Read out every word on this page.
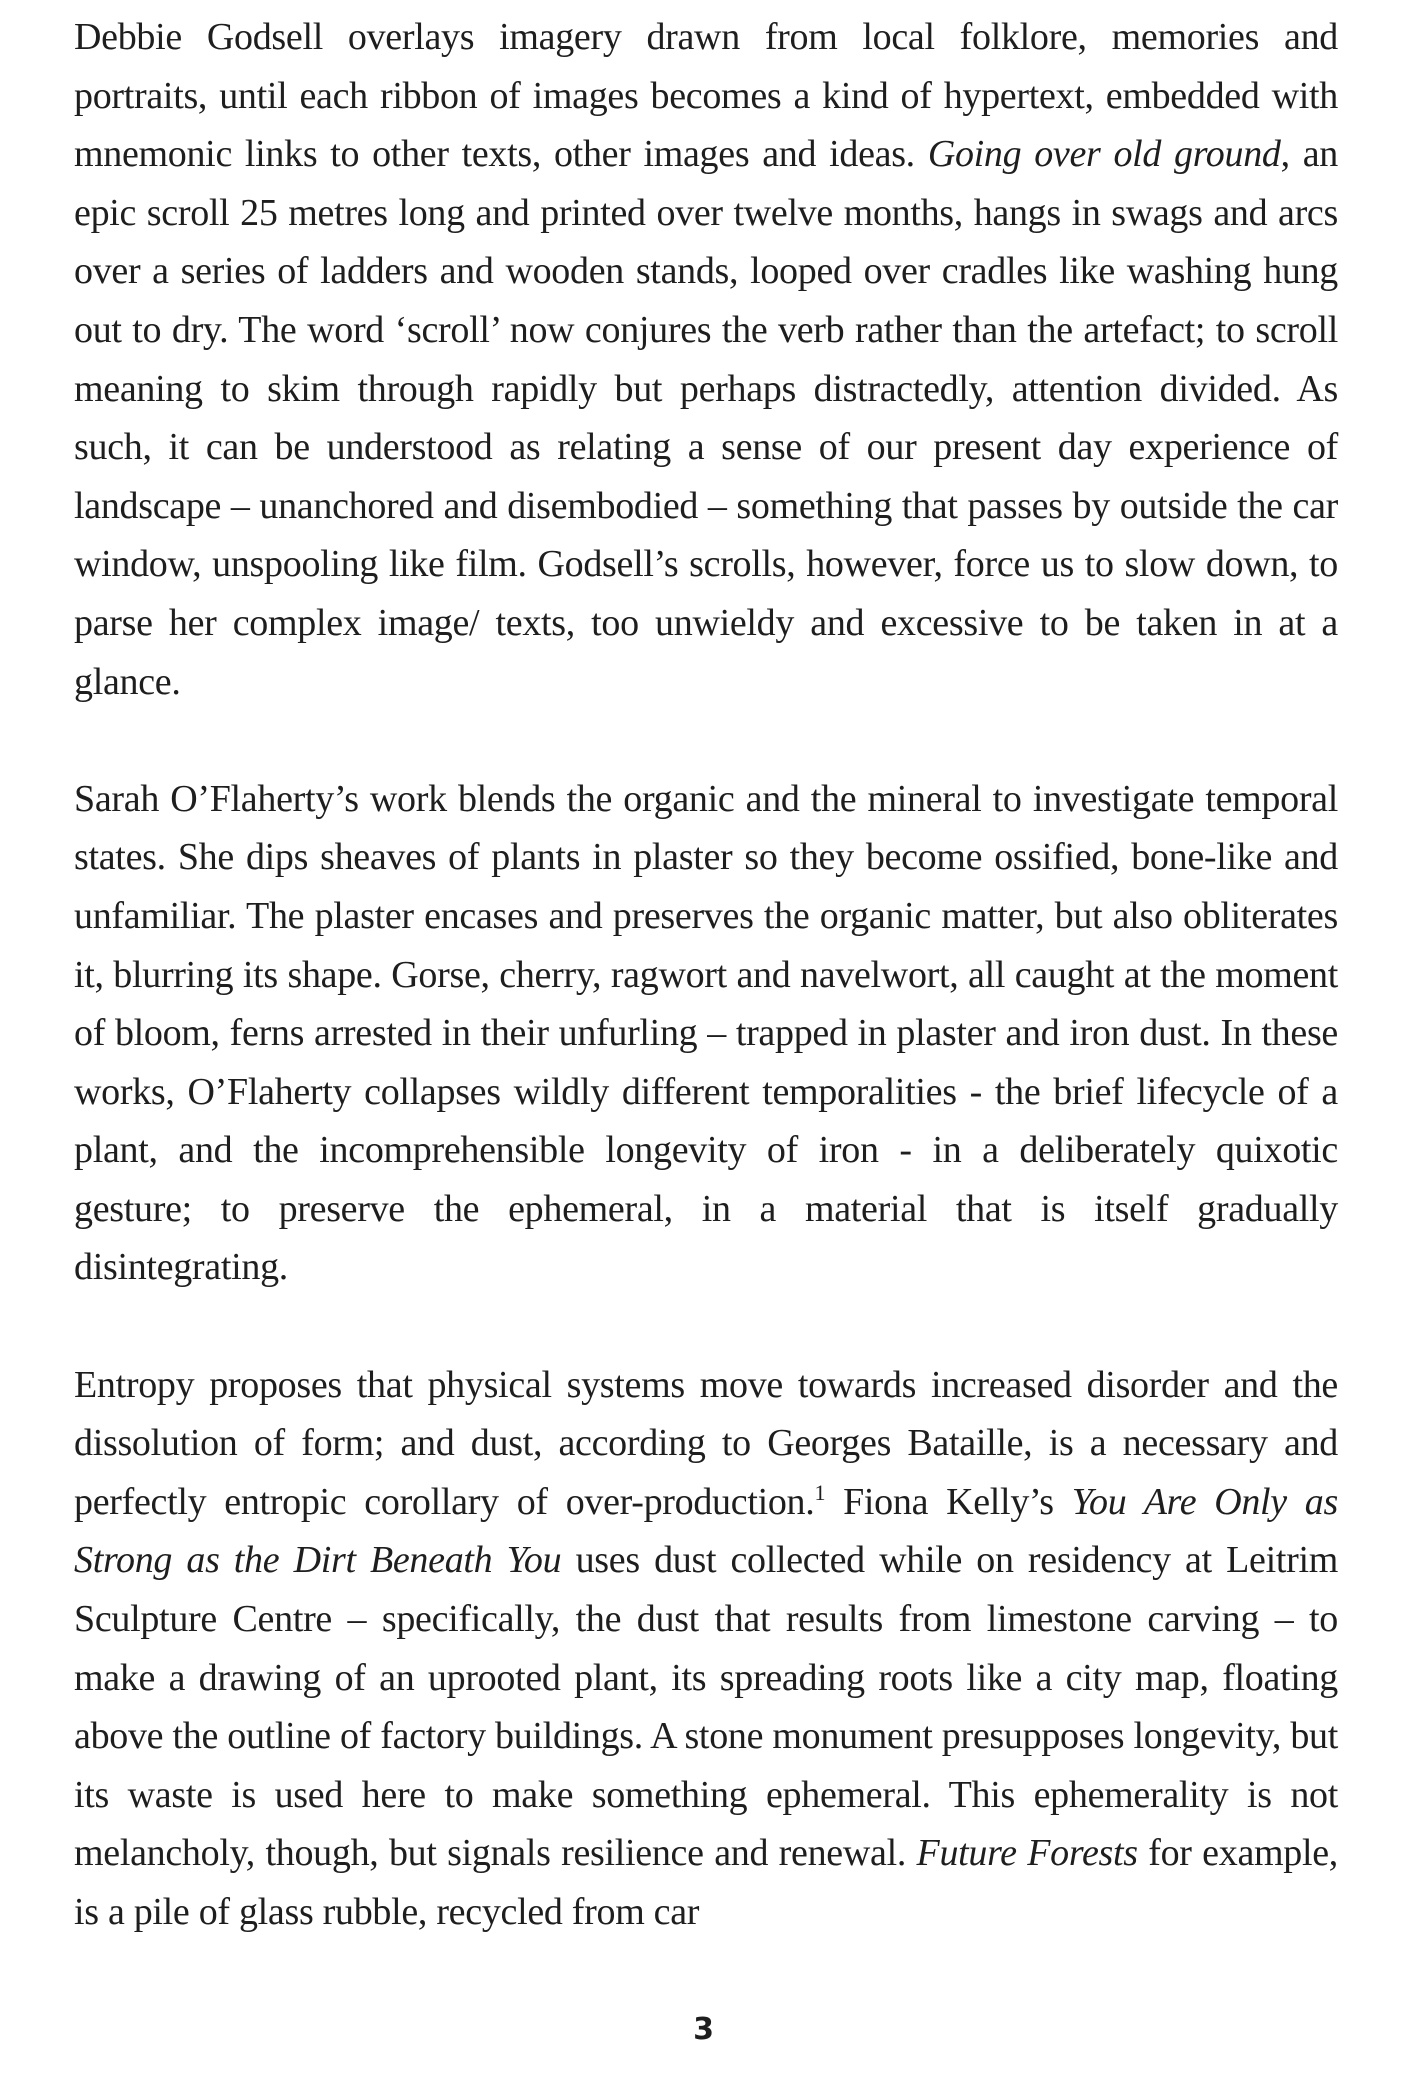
Debbie Godsell overlays imagery drawn from local folklore, memories and portraits, until each ribbon of images becomes a kind of hypertext, embedded with mnemonic links to other texts, other images and ideas. Going over old ground, an epic scroll 25 metres long and printed over twelve months, hangs in swags and arcs over a series of ladders and wooden stands, looped over cradles like washing hung out to dry. The word ‘scroll’ now conjures the verb rather than the artefact; to scroll meaning to skim through rapidly but perhaps distractedly, attention divided. As such, it can be understood as relating a sense of our present day experience of landscape – unanchored and disembodied – something that passes by outside the car window, unspooling like film. Godsell’s scrolls, however, force us to slow down, to parse her complex image/ texts, too unwieldy and excessive to be taken in at a glance.

Sarah O’Flaherty’s work blends the organic and the mineral to investigate temporal states. She dips sheaves of plants in plaster so they become ossified, bone-like and unfamiliar. The plaster encases and preserves the organic matter, but also obliterates it, blurring its shape. Gorse, cherry, ragwort and navelwort, all caught at the moment of bloom, ferns arrested in their unfurling – trapped in plaster and iron dust. In these works, O’Flaherty collapses wildly different temporalities - the brief lifecycle of a plant, and the incomprehensible longevity of iron - in a deliberately quixotic gesture; to preserve the ephemeral, in a material that is itself gradually disintegrating.

Entropy proposes that physical systems move towards increased disorder and the dissolution of form; and dust, according to Georges Bataille, is a necessary and perfectly entropic corollary of over-production.$^1$ Fiona Kelly’s You Are Only as Strong as the Dirt Beneath You uses dust collected while on residency at Leitrim Sculpture Centre – specifically, the dust that results from limestone carving – to make a drawing of an uprooted plant, its spreading roots like a city map, floating above the outline of factory buildings. A stone monument presupposes longevity, but its waste is used here to make something ephemeral. This ephemerality is not melancholy, though, but signals resilience and renewal. Future Forests for example, is a pile of glass rubble, recycled from car

3
